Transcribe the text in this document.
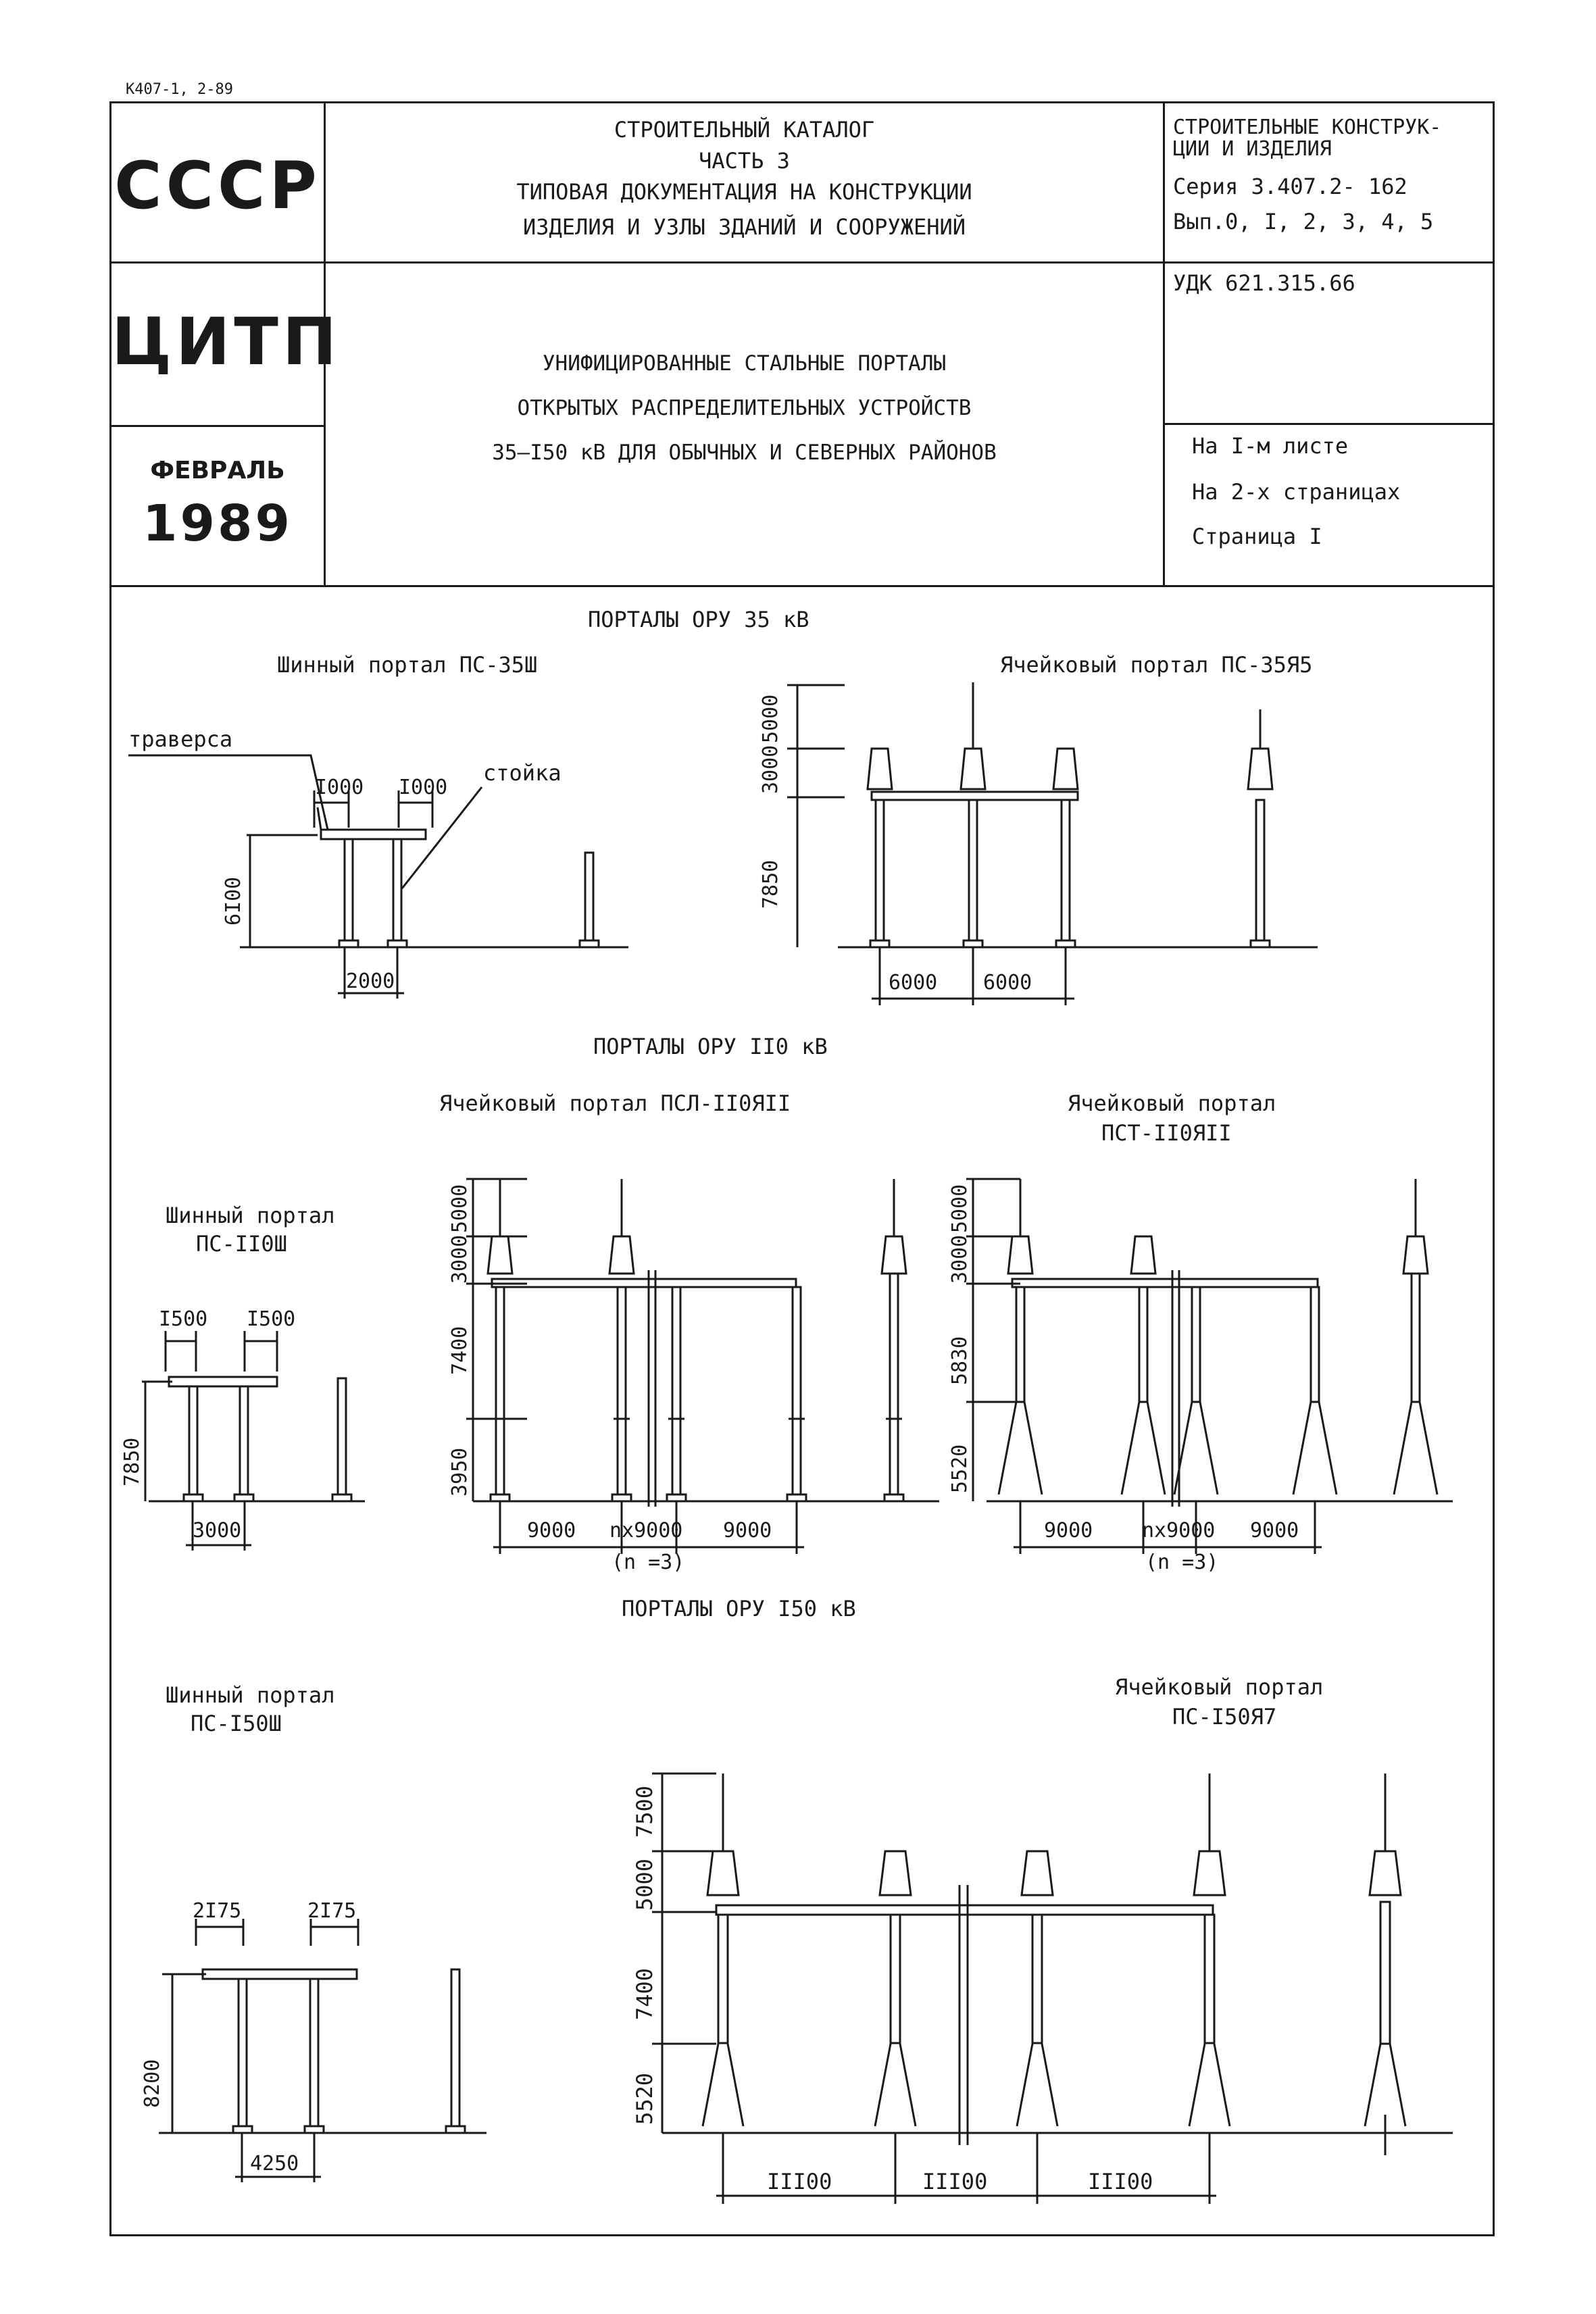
К407-1, 2-89
СССР
ЦИТП
ФЕВРАЛЬ
1989
СТРОИТЕЛЬНЫЙ КАТАЛОГ
ЧАСТЬ 3
ТИПОВАЯ ДОКУМЕНТАЦИЯ НА КОНСТРУКЦИИ
ИЗДЕЛИЯ И УЗЛЫ ЗДАНИЙ И СООРУЖЕНИЙ
СТРОИТЕЛЬНЫЕ КОНСТРУК-
ЦИИ И ИЗДЕЛИЯ
Серия 3.407.2- 162
Вып.0, I, 2, 3, 4, 5
УНИФИЦИРОВАННЫЕ СТАЛЬНЫЕ ПОРТАЛЫ
ОТКРЫТЫХ РАСПРЕДЕЛИТЕЛЬНЫХ УСТРОЙСТВ
35–I50 кВ ДЛЯ ОБЫЧНЫХ И СЕВЕРНЫХ РАЙОНОВ
УДК 621.315.66
На I-м листе
На 2-х страницах
Страница I
ПОРТАЛЫ ОРУ 35 кВ
ПОРТАЛЫ ОРУ II0 кВ
ПОРТАЛЫ ОРУ I50 кВ
Шинный портал ПС-35Ш
траверса
стойка
I000 I000
6I00
2000
Ячейковый портал ПС-35Я5
5000
3000
7850
6000 6000
Шинный портал
ПС-II0Ш
I500 I500
7850
3000
Ячейковый портал ПСЛ-II0ЯII
5000
3000
7400
3950
9000 nx9000 9000
(n =3)
Ячейковый портал
ПСТ-II0ЯII
5000
3000
5830
5520
9000 nx9000 9000
(n =3)
Шинный портал
ПС-I50Ш
2I75	2I75
8200
4250
Ячейковый портал
ПС-I50Я7
7500
5000
7400
5520
III00	III00	III00
